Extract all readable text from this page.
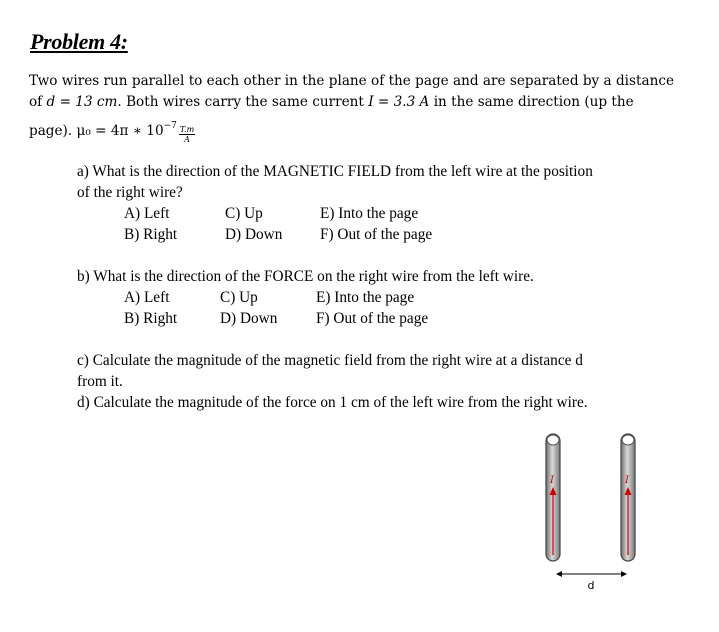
Problem 4:
Two wires run parallel to each other in the plane of the page and are separated by a distance
of d = 13 cm. Both wires carry the same current I = 3.3 A in the same direction (up the
page). μ₀ = 4π ∗ $10^{-7} \frac{T.m}{A}$
a) What is the direction of the MAGNETIC FIELD from the left wire at the position
of the right wire?
A) Left
B) Right
C) Up
D) Down
E) Into the page
F) Out of the page
b) What is the direction of the FORCE on the right wire from the left wire.
A) Left
B) Right
C) Up
D) Down
E) Into the page
F) Out of the page
c) Calculate the magnitude of the magnetic field from the right wire at a distance d
from it.
d) Calculate the magnitude of the force on 1 cm of the left wire from the right wire.
I	I
d
